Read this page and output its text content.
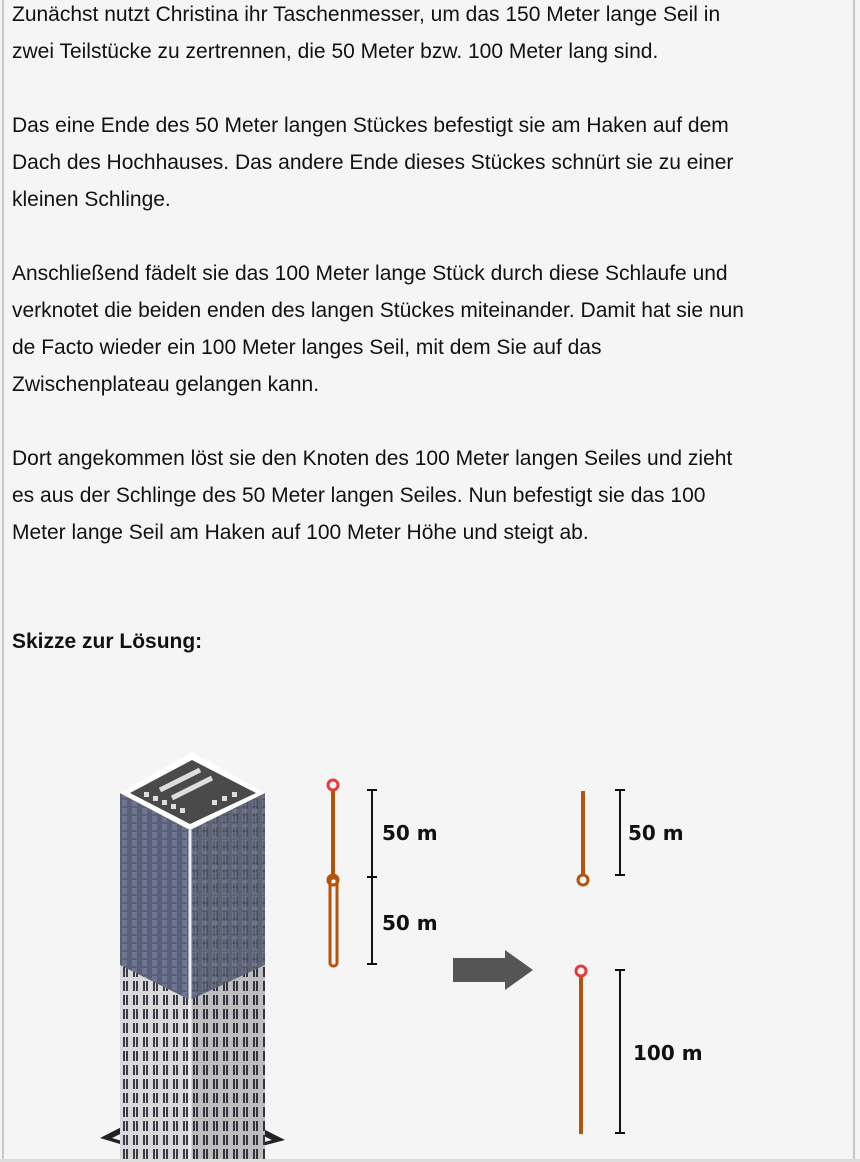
Zunächst nutzt Christina ihr Taschenmesser, um das 150 Meter lange Seil in
zwei Teilstücke zu zertrennen, die 50 Meter bzw. 100 Meter lang sind.

Das eine Ende des 50 Meter langen Stückes befestigt sie am Haken auf dem
Dach des Hochhauses. Das andere Ende dieses Stückes schnürt sie zu einer
kleinen Schlinge.

Anschließend fädelt sie das 100 Meter lange Stück durch diese Schlaufe und
verknotet die beiden enden des langen Stückes miteinander. Damit hat sie nun
de Facto wieder ein 100 Meter langes Seil, mit dem Sie auf das
Zwischenplateau gelangen kann.

Dort angekommen löst sie den Knoten des 100 Meter langen Seiles und zieht
es aus der Schlinge des 50 Meter langen Seiles. Nun befestigt sie das 100
Meter lange Seil am Haken auf 100 Meter Höhe und steigt ab.

Skizze zur Lösung:
50 m
50 m
50 m
100 m
